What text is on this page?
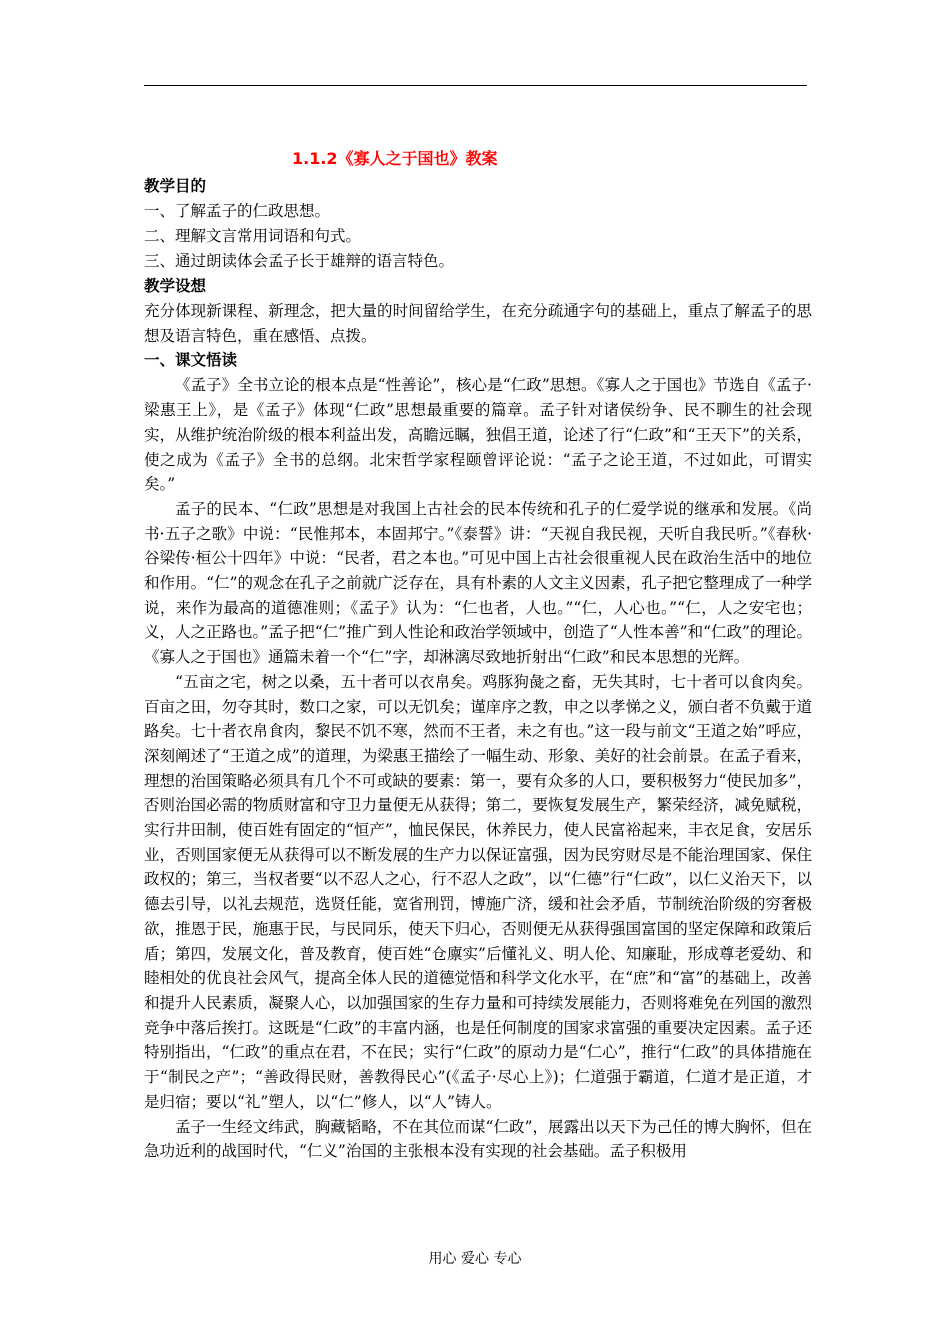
1.1.2《寡人之于国也》教案
教学目的

一、了解孟子的仁政思想。

二、理解文言常用词语和句式。

三、通过朗读体会孟子长于雄辩的语言特色。

教学设想

充分体现新课程、新理念，把大量的时间留给学生，在充分疏通字句的基础上，重点了解孟子的思想及语言特色，重在感悟、点拨。

一、课文悟读

《孟子》全书立论的根本点是“性善论”，核心是“仁政”思想。《寡人之于国也》节选自《孟子·梁惠王上》，是《孟子》体现“仁政”思想最重要的篇章。孟子针对诸侯纷争、民不聊生的社会现实，从维护统治阶级的根本利益出发，高瞻远瞩，独倡王道，论述了行“仁政”和“王天下”的关系，使之成为《孟子》全书的总纲。北宋哲学家程颐曾评论说：“孟子之论王道，不过如此，可谓实矣。”

孟子的民本、“仁政”思想是对我国上古社会的民本传统和孔子的仁爱学说的继承和发展。《尚书·五子之歌》中说：“民惟邦本，本固邦宁。”《泰誓》讲：“天视自我民视，天听自我民听。”《春秋·谷梁传·桓公十四年》中说：“民者，君之本也。”可见中国上古社会很重视人民在政治生活中的地位和作用。“仁”的观念在孔子之前就广泛存在，具有朴素的人文主义因素，孔子把它整理成了一种学说，来作为最高的道德准则；《孟子》认为：“仁也者，人也。”“仁，人心也。”“仁，人之安宅也；义，人之正路也。”孟子把“仁”推广到人性论和政治学领域中，创造了“人性本善”和“仁政”的理论。《寡人之于国也》通篇未着一个“仁”字，却淋漓尽致地折射出“仁政”和民本思想的光辉。

“五亩之宅，树之以桑，五十者可以衣帛矣。鸡豚狗彘之畜，无失其时，七十者可以食肉矣。百亩之田，勿夺其时，数口之家，可以无饥矣；谨庠序之教，申之以孝悌之义，颁白者不负戴于道路矣。七十者衣帛食肉，黎民不饥不寒，然而不王者，未之有也。”这一段与前文“王道之始”呼应，深刻阐述了“王道之成”的道理，为梁惠王描绘了一幅生动、形象、美好的社会前景。在孟子看来，理想的治国策略必须具有几个不可或缺的要素：第一，要有众多的人口，要积极努力“使民加多”，否则治国必需的物质财富和守卫力量便无从获得；第二，要恢复发展生产，繁荣经济，减免赋税，实行井田制，使百姓有固定的“恒产”，恤民保民，休养民力，使人民富裕起来，丰衣足食，安居乐业，否则国家便无从获得可以不断发展的生产力以保证富强，因为民穷财尽是不能治理国家、保住政权的；第三，当权者要“以不忍人之心，行不忍人之政”，以“仁德”行“仁政”，以仁义治天下，以德去引导，以礼去规范，选贤任能，宽省刑罚，博施广济，缓和社会矛盾，节制统治阶级的穷奢极欲，推恩于民，施惠于民，与民同乐，使天下归心，否则便无从获得强国富国的坚定保障和政策后盾；第四，发展文化，普及教育，使百姓“仓廪实”后懂礼义、明人伦、知廉耻，形成尊老爱幼、和睦相处的优良社会风气，提高全体人民的道德觉悟和科学文化水平，在“庶”和“富”的基础上，改善和提升人民素质，凝聚人心，以加强国家的生存力量和可持续发展能力，否则将难免在列国的激烈竞争中落后挨打。这既是“仁政”的丰富内涵，也是任何制度的国家求富强的重要决定因素。孟子还特别指出，“仁政”的重点在君，不在民；实行“仁政”的原动力是“仁心”，推行“仁政”的具体措施在于“制民之产”；“善政得民财，善教得民心”(《孟子·尽心上》)；仁道强于霸道，仁道才是正道，才是归宿；要以“礼”塑人，以“仁”修人，以“人”铸人。

孟子一生经文纬武，胸藏韬略，不在其位而谋“仁政”，展露出以天下为己任的博大胸怀，但在急功近利的战国时代，“仁义”治国的主张根本没有实现的社会基础。孟子积极用

用心 爱心 专心
